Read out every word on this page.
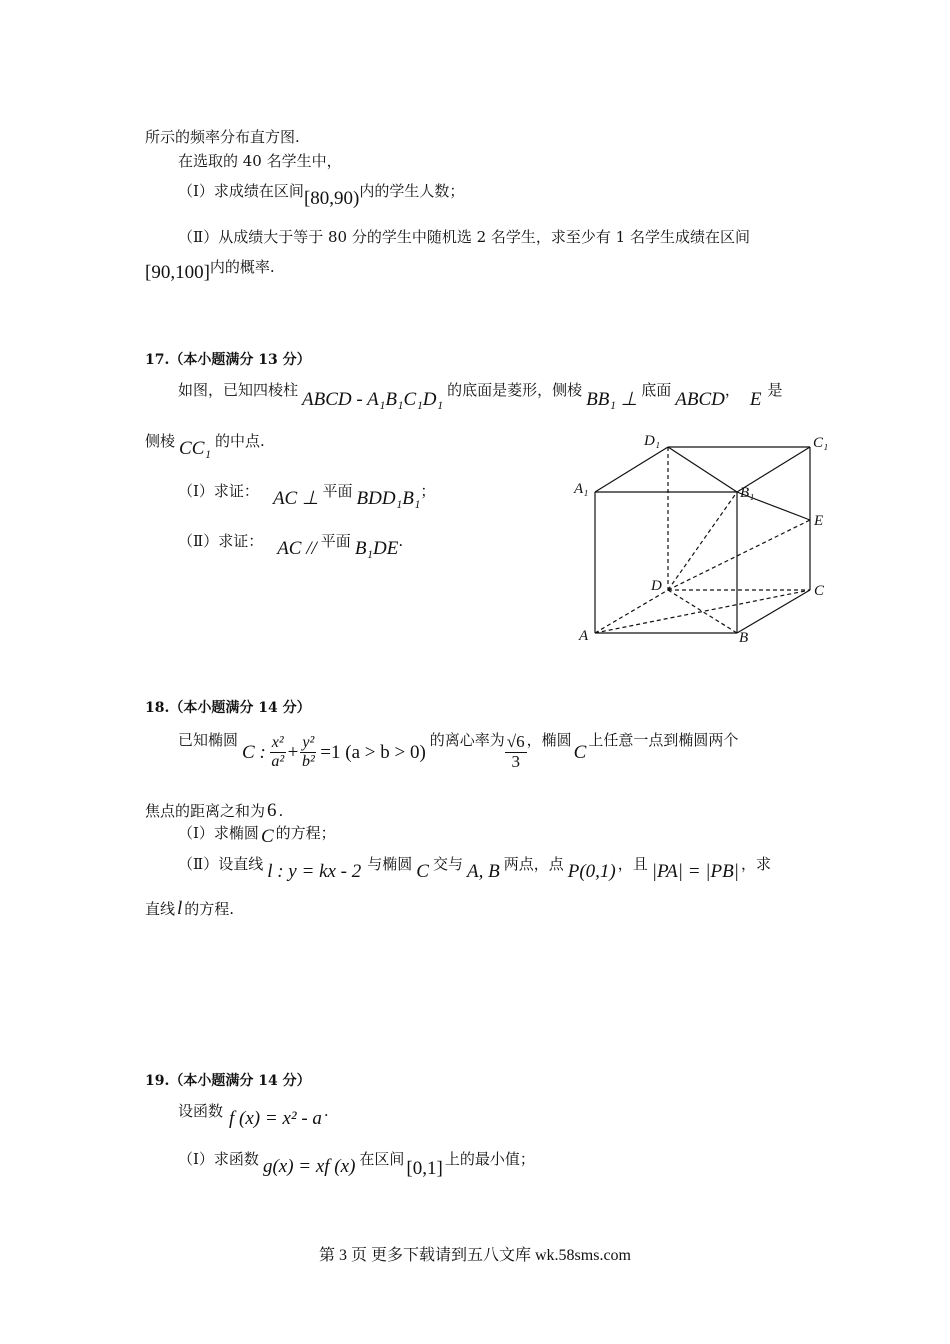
所示的频率分布直方图.
在选取的 40 名学生中，
（Ⅰ）求成绩在区间[80,90)内的学生人数；
（Ⅱ）从成绩大于等于 80 分的学生中随机选 2 名学生，求至少有 1 名学生成绩在区间
[90,100]内的概率.
17.（本小题满分 13 分）
如图，已知四棱柱 ABCD - A₁B₁C₁D₁ 的底面是菱形，侧棱 BB₁ ⊥ 底面 ABCD， E 是
侧棱 CC₁ 的中点.
（Ⅰ）求证： AC ⊥ 平面 BDD₁B₁；
（Ⅱ）求证： AC // 平面 B₁DE.
D₁	C₁
A₁	B₁
E
D	C
A	B
18.（本小题满分 14 分）
已知椭圆C : $\frac{\text{x²}}{\text{a²}} + \frac{\text{y²}}{\text{b²}} =1$ (a > b > 0)的离心率为 $\frac{√6}{3}$ ，椭圆C上任意一点到椭圆两个
焦点的距离之和为 6 .
（Ⅰ）求椭圆 C 的方程；
（Ⅱ）设直线 l : y = kx - 2 与椭圆 C 交与 A, B 两点，点 P(0,1) ，且 |PA| = |PB| ，求
直线 l 的方程.
19.（本小题满分 14 分）
设函数 f (x) = x² - a .
（Ⅰ）求函数 g(x) = xf (x) 在区间 [0,1] 上的最小值；
第 3 页 更多下载请到五八文库 wk.58sms.com
